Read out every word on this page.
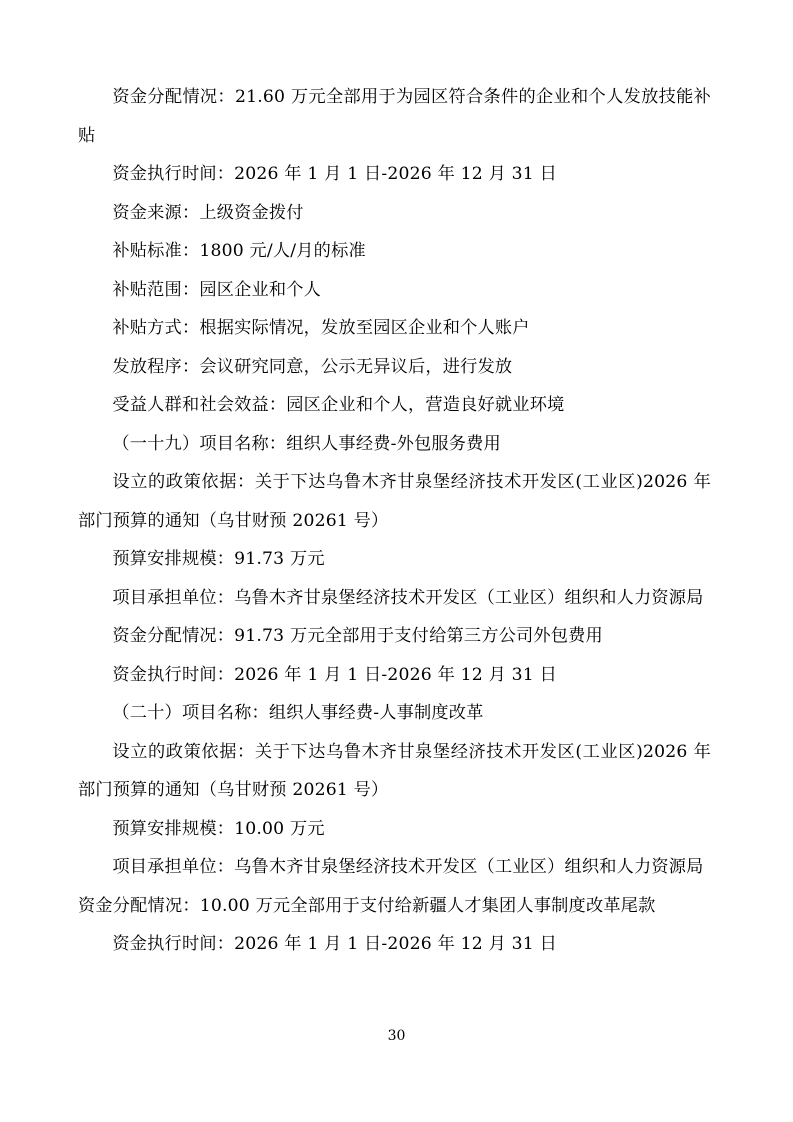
资金分配情况：21.60 万元全部用于为园区符合条件的企业和个人发放技能补贴

资金执行时间：2026 年 1 月 1 日-2026 年 12 月 31 日

资金来源：上级资金拨付

补贴标准：1800 元/人/月的标准

补贴范围：园区企业和个人

补贴方式：根据实际情况，发放至园区企业和个人账户

发放程序：会议研究同意，公示无异议后，进行发放

受益人群和社会效益：园区企业和个人，营造良好就业环境

（一十九）项目名称：组织人事经费-外包服务费用

设立的政策依据：关于下达乌鲁木齐甘泉堡经济技术开发区(工业区)2026 年部门预算的通知（乌甘财预 20261 号）

预算安排规模：91.73 万元

项目承担单位：乌鲁木齐甘泉堡经济技术开发区（工业区）组织和人力资源局

资金分配情况：91.73 万元全部用于支付给第三方公司外包费用

资金执行时间：2026 年 1 月 1 日-2026 年 12 月 31 日

（二十）项目名称：组织人事经费-人事制度改革

设立的政策依据：关于下达乌鲁木齐甘泉堡经济技术开发区(工业区)2026 年部门预算的通知（乌甘财预 20261 号）

预算安排规模：10.00 万元

项目承担单位：乌鲁木齐甘泉堡经济技术开发区（工业区）组织和人力资源局

资金分配情况：10.00 万元全部用于支付给新疆人才集团人事制度改革尾款

资金执行时间：2026 年 1 月 1 日-2026 年 12 月 31 日

30
